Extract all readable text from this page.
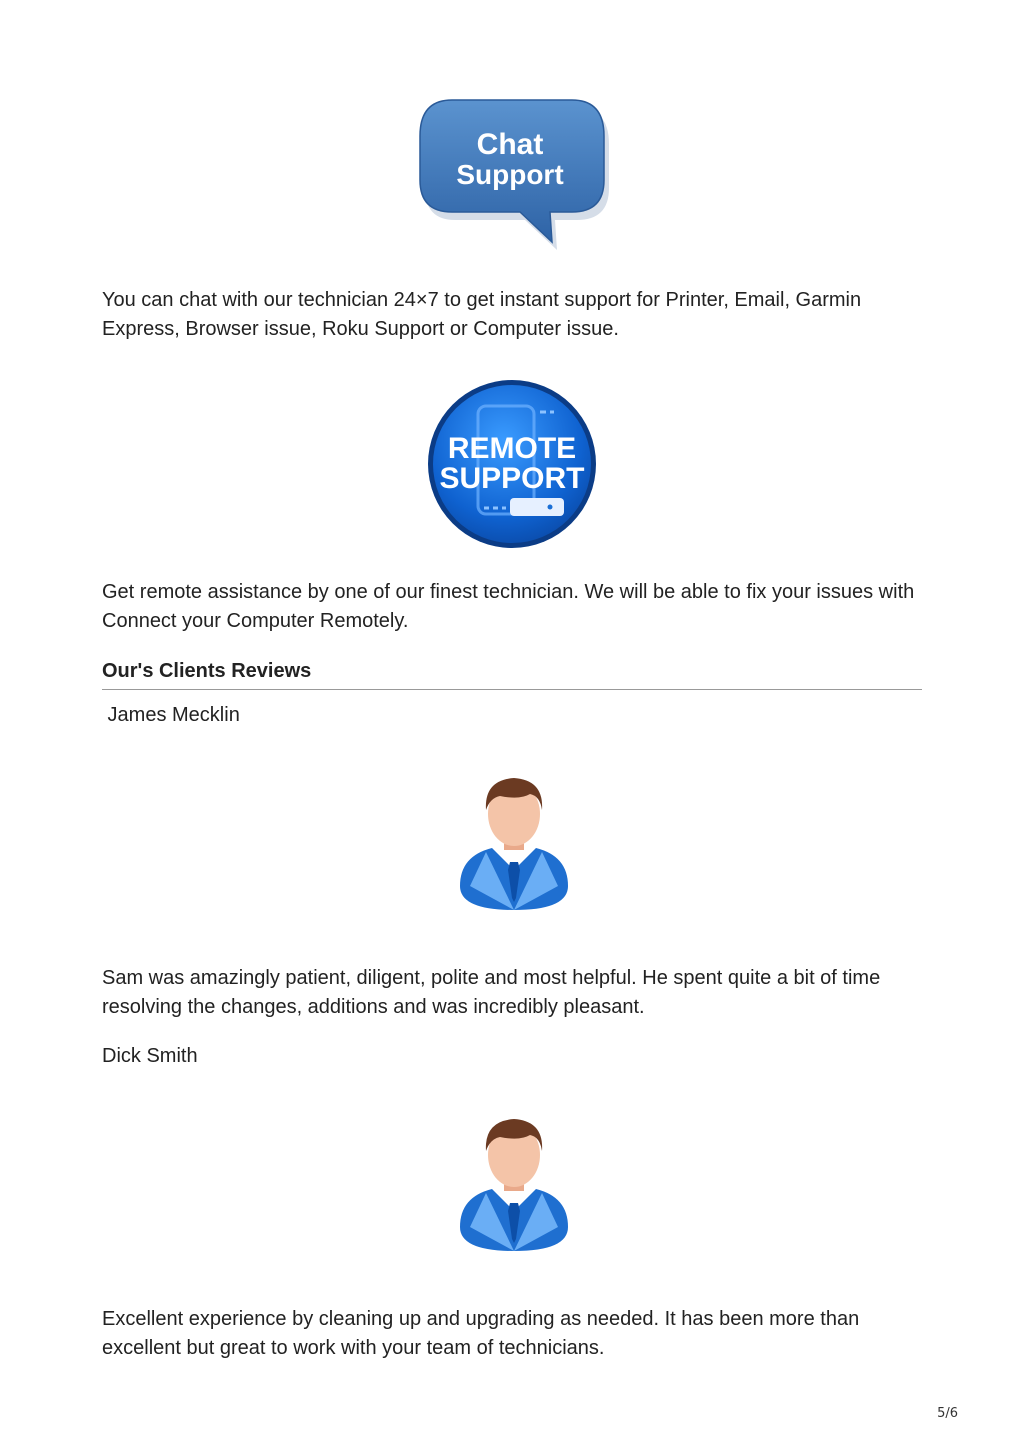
Chat
Support

You can chat with our technician 24×7 to get instant support for Printer, Email, Garmin Express, Browser issue, Roku Support or Computer issue.

REMOTE
SUPPORT

Get remote assistance by one of our finest technician. We will be able to fix your issues with Connect your Computer Remotely.

Our's Clients Reviews

James Mecklin

Sam was amazingly patient, diligent, polite and most helpful. He spent quite a bit of time resolving the changes, additions and was incredibly pleasant.

Dick Smith

Excellent experience by cleaning up and upgrading as needed. It has been more than excellent but great to work with your team of technicians.

5/6
